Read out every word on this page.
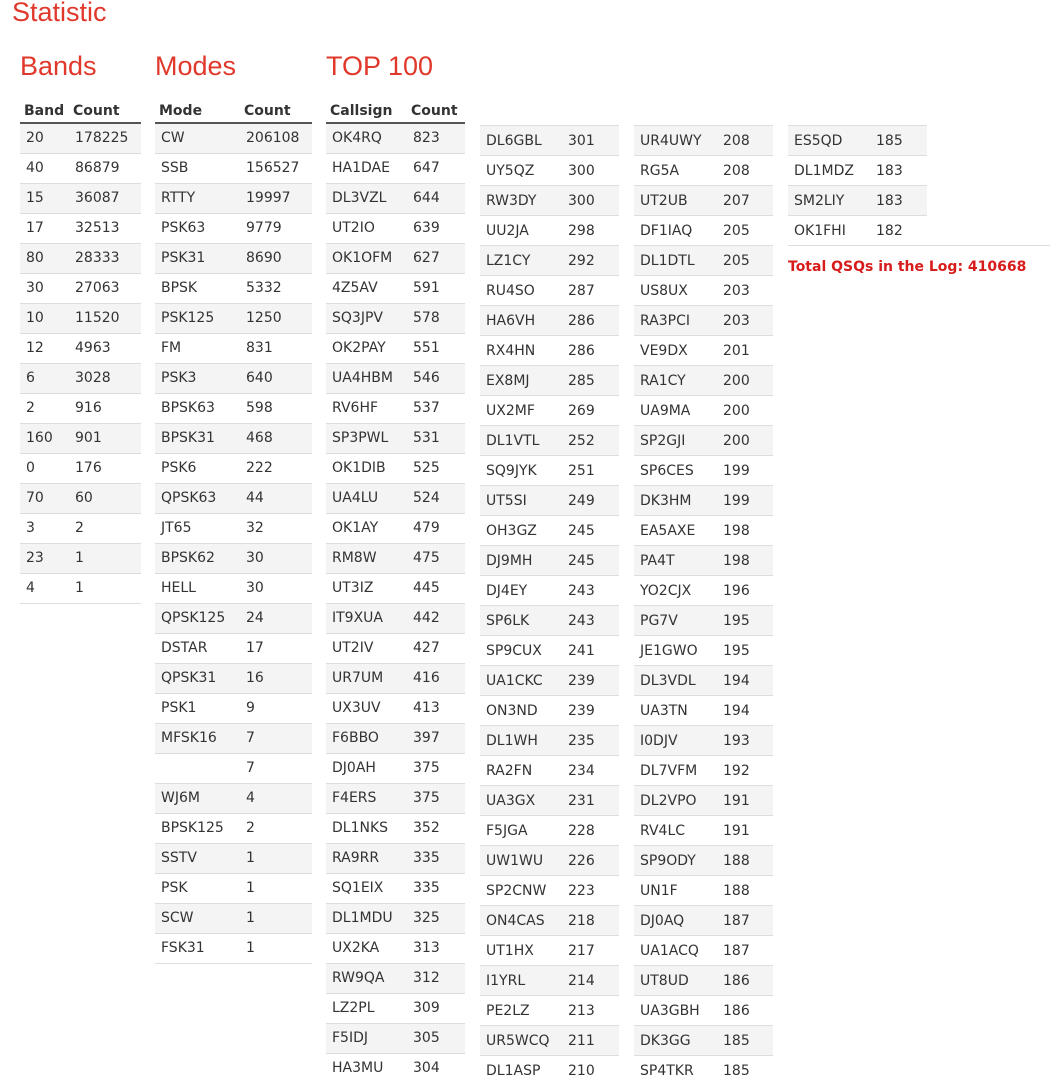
Statistic
Bands Modes	TOP 100
Band	Count
20	178225
40	86879
15	36087
17	32513
80	28333
30	27063
10	11520
12	4963
6	3028
2	916
160	901
0	176
70	60
3	2
23	1
4	1
Mode	Count
CW	206108
SSB	156527
RTTY	19997
PSK63	9779
PSK31	8690
BPSK	5332
PSK125	1250
FM	831
PSK3	640
BPSK63	598
BPSK31	468
PSK6	222
QPSK63	44
JT65	32
BPSK62	30
HELL	30
QPSK125	24
DSTAR	17
QPSK31	16
PSK1	9
MFSK16	7
	7
WJ6M	4
BPSK125	2
SSTV	1
PSK	1
SCW	1
FSK31	1
Callsign	Count
OK4RQ	823
HA1DAE	647
DL3VZL	644
UT2IO	639
OK1OFM	627
4Z5AV	591
SQ3JPV	578
OK2PAY	551
UA4HBM	546
RV6HF	537
SP3PWL	531
OK1DIB	525
UA4LU	524
OK1AY	479
RM8W	475
UT3IZ	445
IT9XUA	442
UT2IV	427
UR7UM	416
UX3UV	413
F6BBO	397
DJ0AH	375
F4ERS	375
DL1NKS	352
RA9RR	335
SQ1EIX	335
DL1MDU	325
UX2KA	313
RW9QA	312
LZ2PL	309
F5IDJ	305
HA3MU	304
DL6GBL	301
UY5QZ	300
RW3DY	300
UU2JA	298
LZ1CY	292
RU4SO	287
HA6VH	286
RX4HN	286
EX8MJ	285
UX2MF	269
DL1VTL	252
SQ9JYK	251
UT5SI	249
OH3GZ	245
DJ9MH	245
DJ4EY	243
SP6LK	243
SP9CUX	241
UA1CKC	239
ON3ND	239
DL1WH	235
RA2FN	234
UA3GX	231
F5JGA	228
UW1WU	226
SP2CNW	223
ON4CAS	218
UT1HX	217
I1YRL	214
PE2LZ	213
UR5WCQ	211
DL1ASP	210
UR4UWY	208
RG5A	208
UT2UB	207
DF1IAQ	205
DL1DTL	205
US8UX	203
RA3PCI	203
VE9DX	201
RA1CY	200
UA9MA	200
SP2GJI	200
SP6CES	199
DK3HM	199
EA5AXE	198
PA4T	198
YO2CJX	196
PG7V	195
JE1GWO	195
DL3VDL	194
UA3TN	194
I0DJV	193
DL7VFM	192
DL2VPO	191
RV4LC	191
SP9ODY	188
UN1F	188
DJ0AQ	187
UA1ACQ	187
UT8UD	186
UA3GBH	186
DK3GG	185
SP4TKR	185
ES5QD	185
DL1MDZ	183
SM2LIY	183
OK1FHI	182
Total QSQs in the Log: 410668
